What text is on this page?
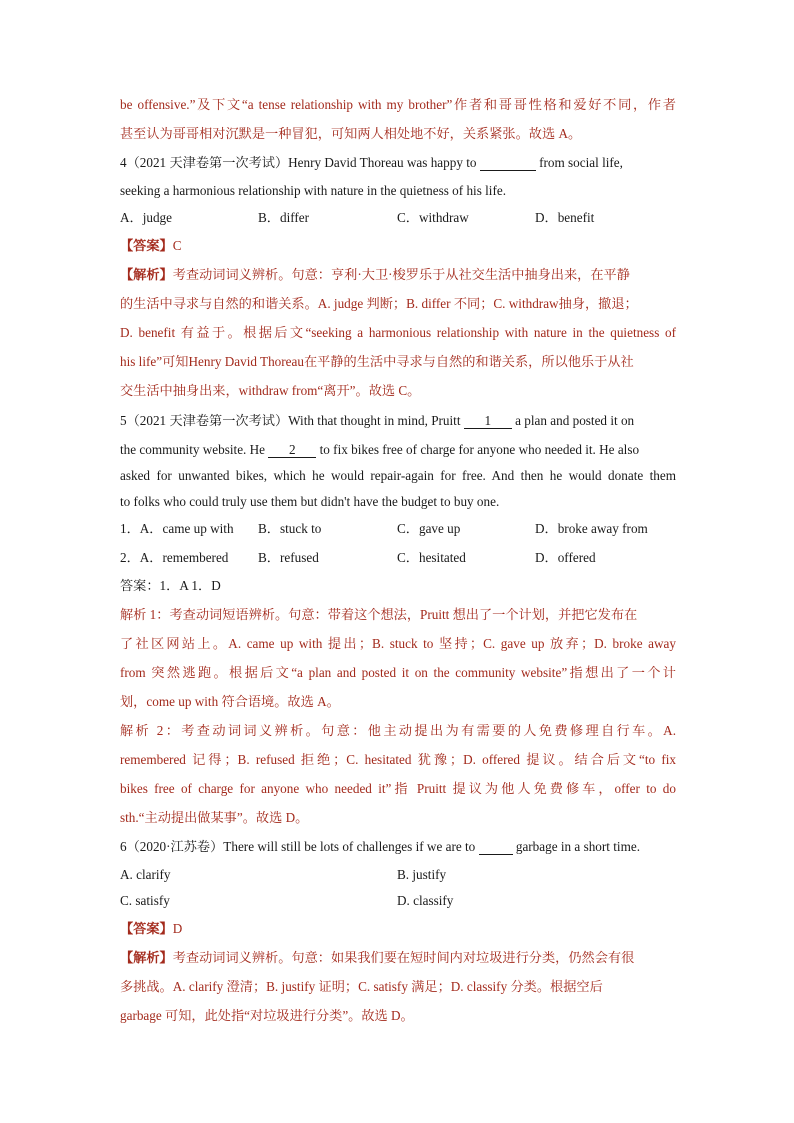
be offensive.”及下文“a tense relationship with my brother”作者和哥哥性格和爱好不同，作者
甚至认为哥哥相对沉默是一种冒犯，可知两人相处地不好，关系紧张。故选 A。
4（2021 天津卷第一次考试）Henry David Thoreau was happy to	from social life,
seeking a harmonious relationship with nature in the quietness of his life.
A．judge	B．differ	C．withdraw	D．benefit
【答案】C
【解析】考查动词词义辨析。句意：亨利·大卫·梭罗乐于从社交生活中抽身出来，在平静
的生活中寻求与自然的和谐关系。A. judge 判断；B. differ 不同；C. withdraw抽身，撤退；
D. benefit 有益于。根据后文“seeking a harmonious relationship with nature in the quietness of
his life”可知Henry David Thoreau在平静的生活中寻求与自然的和谐关系，所以他乐于从社
交生活中抽身出来，withdraw from“离开”。故选 C。
5（2021 天津卷第一次考试）With that thought in mind, Pruitt 1 a plan and posted it on
the community website. He 2 to fix bikes free of charge for anyone who needed it. He also
asked for unwanted bikes, which he would repair-again for free. And then he would donate them
to folks who could truly use them but didn't have the budget to buy one.
1．A．came up with B．stuck to	C．gave up	D．broke away from
2．A．remembered B．refused	C．hesitated	D．offered
答案：1．A 1．D
解析 1：考查动词短语辨析。句意：带着这个想法，Pruitt 想出了一个计划，并把它发布在
了社区网站上。A. came up with 提出；B. stuck to 坚持；C. gave up 放弃；D. broke away
from 突然逃跑。根据后文“a plan and posted it on the community website”指想出了一个计
划，come up with 符合语境。故选 A。
解析 2：考查动词词义辨析。句意：他主动提出为有需要的人免费修理自行车。A.
remembered 记得；B. refused 拒绝；C. hesitated 犹豫；D. offered 提议。结合后文“to fix
bikes free of charge for anyone who needed it”指 Pruitt 提议为他人免费修车，offer to do
sth.“主动提出做某事”。故选 D。
6（2020·江苏卷）There will still be lots of challenges if we are to	garbage in a short time.
A. clarify	B. justify
C. satisfy	D. classify
【答案】D
【解析】考查动词词义辨析。句意：如果我们要在短时间内对垃圾进行分类，仍然会有很
多挑战。A. clarify 澄清；B. justify 证明；C. satisfy 满足；D. classify 分类。根据空后
garbage 可知，此处指“对垃圾进行分类”。故选 D。
